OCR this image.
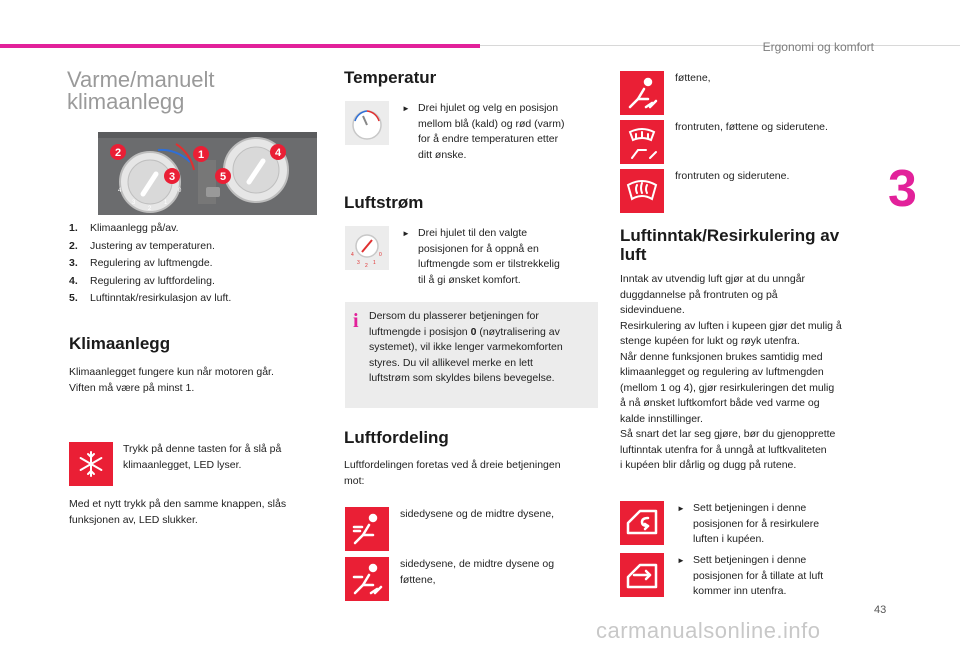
Ergonomi og komfort
3
43
carmanualsonline.info
Varme/manuelt
klimaanlegg
2	1
3
4
5
4
3
2
1
0
1. Klimaanlegg på/av.
2. Justering av temperaturen.
3. Regulering av luftmengde.
4. Regulering av luftfordeling.
5. Luftinntak/resirkulasjon av luft.
Klimaanlegg
Klimaanlegget fungere kun når motoren går.
Viften må være på minst 1.
Trykk på denne tasten for å slå på
klimaanlegget, LED lyser.
Med et nytt trykk på den samme knappen, slås
funksjonen av, LED slukker.
Temperatur
► Drei hjulet og velg en posisjon
mellom blå (kald) og rød (varm)
for å endre temperaturen etter
ditt ønske.
Luftstrøm
4
3 2 1
0
► Drei hjulet til den valgte
posisjonen for å oppnå en
luftmengde som er tilstrekkelig
til å gi ønsket komfort.
i Dersom du plasserer betjeningen for
luftmengde i posisjon 0 (nøytralisering av
systemet), vil ikke lenger varmekomforten
styres. Du vil allikevel merke en lett
luftstrøm som skyldes bilens bevegelse.
Luftfordeling
Luftfordelingen foretas ved å dreie betjeningen
mot:
sidedysene og de midtre dysene,
sidedysene, de midtre dysene og
føttene,
føttene,
frontruten, føttene og siderutene.
frontruten og siderutene.
Luftinntak/Resirkulering av
luft
Inntak av utvendig luft gjør at du unngår
duggdannelse på frontruten og på
sidevinduene.
Resirkulering av luften i kupeen gjør det mulig å
stenge kupéen for lukt og røyk utenfra.
Når denne funksjonen brukes samtidig med
klimaanlegget og regulering av luftmengden
(mellom 1 og 4), gjør resirkuleringen det mulig
å nå ønsket luftkomfort både ved varme og
kalde innstillinger.
Så snart det lar seg gjøre, bør du gjenopprette
luftinntak utenfra for å unngå at luftkvaliteten
i kupéen blir dårlig og dugg på rutene.
► Sett betjeningen i denne
posisjonen for å resirkulere
luften i kupéen.
► Sett betjeningen i denne
posisjonen for å tillate at luft
kommer inn utenfra.
